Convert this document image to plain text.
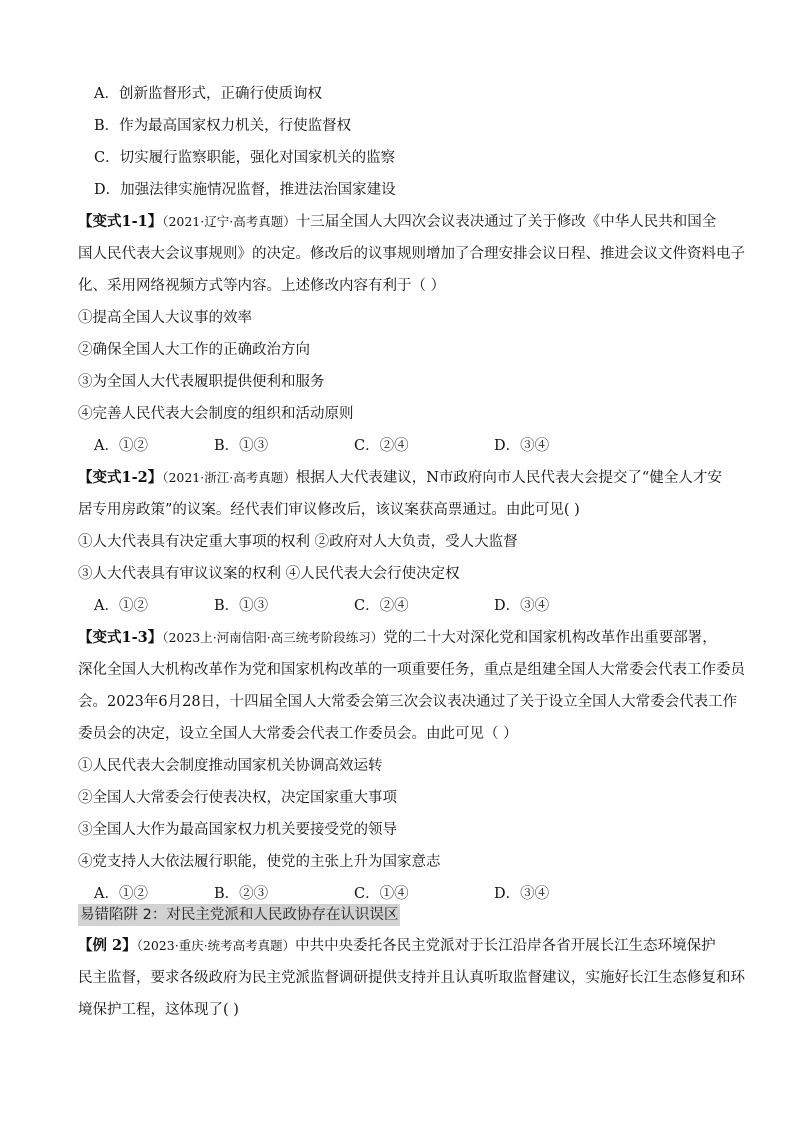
A．创新监督形式，正确行使质询权
B．作为最高国家权力机关，行使监督权
C．切实履行监察职能，强化对国家机关的监察
D．加强法律实施情况监督，推进法治国家建设
【变式1-1】（2021·辽宁·高考真题）十三届全国人大四次会议表决通过了关于修改《中华人民共和国全
国人民代表大会议事规则》的决定。修改后的议事规则增加了合理安排会议日程、推进会议文件资料电子
化、采用网络视频方式等内容。上述修改内容有利于（ ）
①提高全国人大议事的效率
②确保全国人大工作的正确政治方向
③为全国人大代表履职提供便利和服务
④完善人民代表大会制度的组织和活动原则
A．①②	B．①③	C．②④	D．③④
【变式1-2】（2021·浙江·高考真题）根据人大代表建议，N市政府向市人民代表大会提交了“健全人才安
居专用房政策”的议案。经代表们审议修改后，该议案获高票通过。由此可见( )
①人大代表具有决定重大事项的权利 ②政府对人大负责，受人大监督
③人大代表具有审议议案的权利 ④人民代表大会行使决定权
A．①②	B．①③	C．②④	D．③④
【变式1-3】（2023上·河南信阳·高三统考阶段练习）党的二十大对深化党和国家机构改革作出重要部署，
深化全国人大机构改革作为党和国家机构改革的一项重要任务，重点是组建全国人大常委会代表工作委员
会。2023年6月28日，十四届全国人大常委会第三次会议表决通过了关于设立全国人大常委会代表工作
委员会的决定，设立全国人大常委会代表工作委员会。由此可见（ ）
①人民代表大会制度推动国家机关协调高效运转
②全国人大常委会行使表决权，决定国家重大事项
③全国人大作为最高国家权力机关要接受党的领导
④党支持人大依法履行职能，使党的主张上升为国家意志
A．①②	B．②③	C．①④	D．③④
易错陷阱 2：对民主党派和人民政协存在认识误区
【例 2】（2023·重庆·统考高考真题）中共中央委托各民主党派对于长江沿岸各省开展长江生态环境保护
民主监督，要求各级政府为民主党派监督调研提供支持并且认真听取监督建议，实施好长江生态修复和环
境保护工程，这体现了( )
